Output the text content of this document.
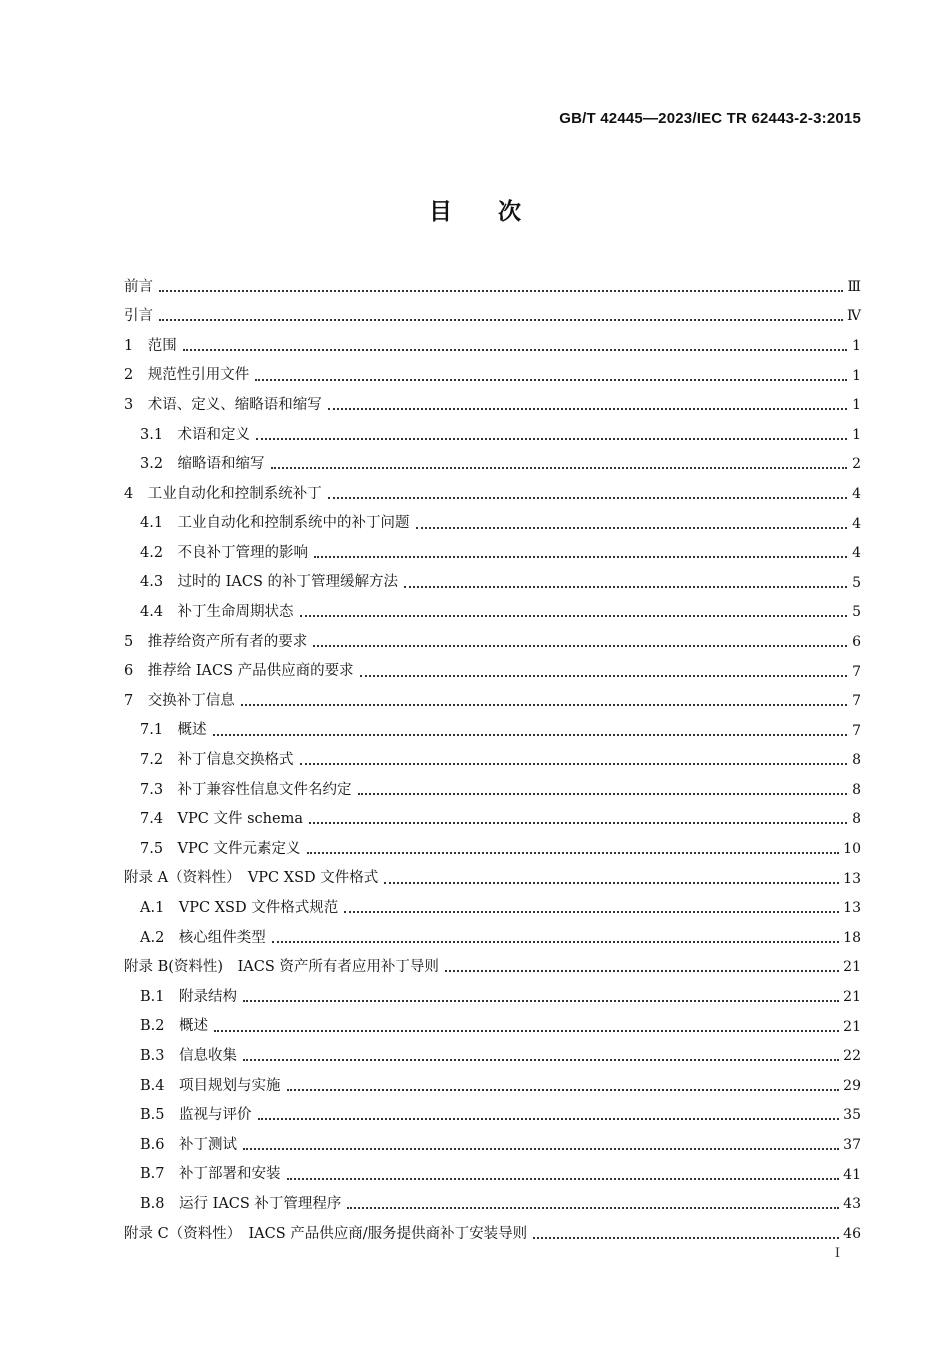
GB/T 42445—2023/IEC TR 62443-2-3:2015
目　　次
前言	Ⅲ
引言	Ⅳ
1　范围	1
2　规范性引用文件	1
3　术语、定义、缩略语和缩写	1
3.1　术语和定义	1
3.2　缩略语和缩写	2
4　工业自动化和控制系统补丁	4
4.1　工业自动化和控制系统中的补丁问题	4
4.2　不良补丁管理的影响	4
4.3　过时的 IACS 的补丁管理缓解方法	5
4.4　补丁生命周期状态	5
5　推荐给资产所有者的要求	6
6　推荐给 IACS 产品供应商的要求	7
7　交换补丁信息	7
7.1　概述	7
7.2　补丁信息交换格式	8
7.3　补丁兼容性信息文件名约定	8
7.4　VPC 文件 schema	8
7.5　VPC 文件元素定义	10
附录 A（资料性）　VPC XSD 文件格式	13
A.1　VPC XSD 文件格式规范	13
A.2　核心组件类型	18
附录 B(资料性)　IACS 资产所有者应用补丁导则	21
B.1　附录结构	21
B.2　概述	21
B.3　信息收集	22
B.4　项目规划与实施	29
B.5　监视与评价	35
B.6　补丁测试	37
B.7　补丁部署和安装	41
B.8　运行 IACS 补丁管理程序	43
附录 C（资料性）　IACS 产品供应商/服务提供商补丁安装导则	46
I
